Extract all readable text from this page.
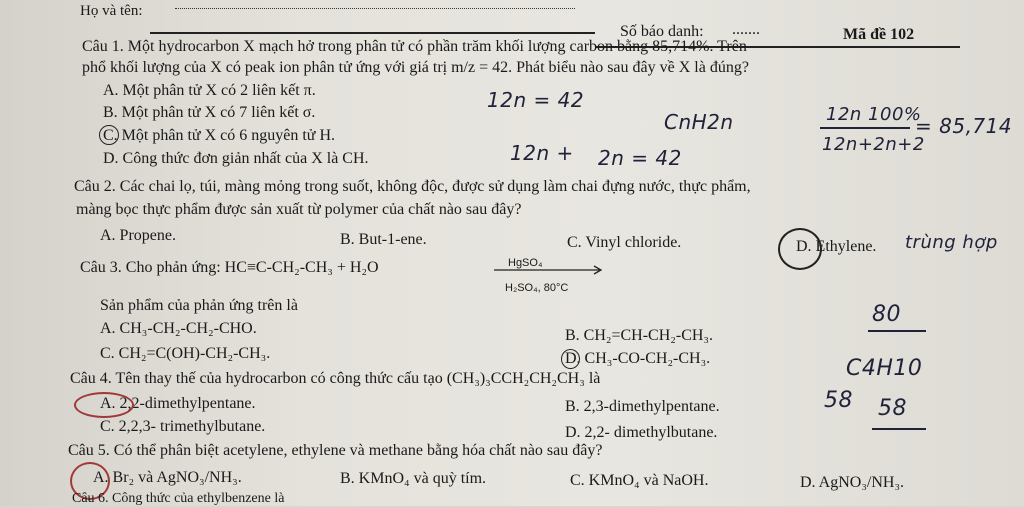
Họ và tên:
Số báo danh: .......	Mã đề 102
Câu 1. Một hydrocarbon X mạch hở trong phân tử có phần trăm khối lượng carbon bằng 85,714%. Trên
phổ khối lượng của X có peak ion phân tử ứng với giá trị m/z = 42. Phát biểu nào sau đây về X là đúng?
A. Một phân tử X có 2 liên kết π.
B. Một phân tử X có 7 liên kết σ.
C. Một phân tử X có 6 nguyên tử H.
D. Công thức đơn giản nhất của X là CH.
12n = 42
CnH2n	12n 100%
= 85,714
12n+2n+2
12n + 2n = 42
Câu 2. Các chai lọ, túi, màng mỏng trong suốt, không độc, được sử dụng làm chai đựng nước, thực phẩm,
màng bọc thực phẩm được sản xuất từ polymer của chất nào sau đây?
A. Propene.	B. But-1-ene.	C. Vinyl chloride.	D. Ethylene. trùng hợp
Câu 3. Cho phản ứng: HC≡C-CH₂-CH₃ + H₂O	HgSO₄
H₂SO₄, 80°C
Sản phẩm của phản ứng trên là
A. CH₃-CH₂-CH₂-CHO.	B. CH₂=CH-CH₂-CH₃.
C. CH₂=C(OH)-CH₂-CH₃.	D. CH₃-CO-CH₂-CH₃.
80
C4H10
Câu 4. Tên thay thế của hydrocarbon có công thức cấu tạo (CH₃)₃CCH₂CH₂CH₃ là
A. 2,2-dimethylpentane.	B. 2,3-dimethylpentane.
C. 2,2,3- trimethylbutane.	D. 2,2- dimethylbutane.
58 58
Câu 5. Có thể phân biệt acetylene, ethylene và methane bằng hóa chất nào sau đây?
A. Br₂ và AgNO₃/NH₃.	B. KMnO₄ và quỳ tím.	C. KMnO₄ và NaOH.	D. AgNO₃/NH₃.
Câu 6. Công thức của ethylbenzene là
